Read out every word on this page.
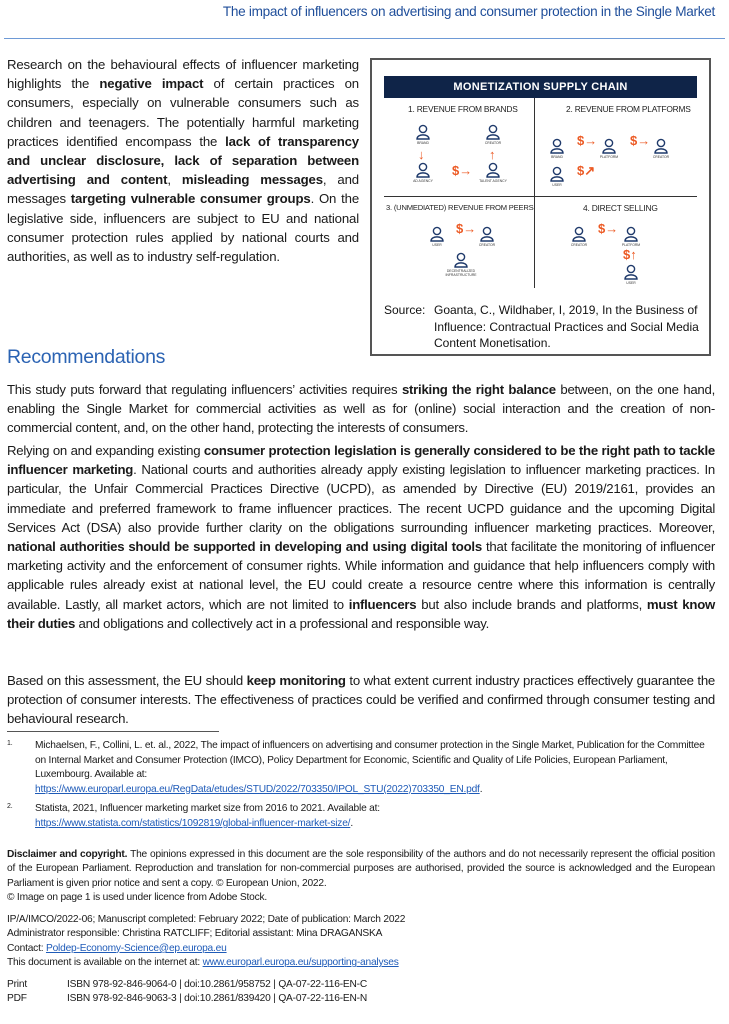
The impact of influencers on advertising and consumer protection in the Single Market
Research on the behavioural effects of influencer marketing highlights the negative impact of certain practices on consumers, especially on vulnerable consumers such as children and teenagers. The potentially harmful marketing practices identified encompass the lack of transparency and unclear disclosure, lack of separation between advertising and content, misleading messages, and messages targeting vulnerable consumer groups. On the legislative side, influencers are subject to EU and national consumer protection rules applied by national courts and authorities, as well as to industry self-regulation.
MONETIZATION SUPPLY CHAIN
1. REVENUE FROM BRANDS
BRAND
↓
AD AGENCY
$→
CREATOR
↑
TALENT AGENCY
2. REVENUE FROM PLATFORMS
BRAND
$→
PLATFORM
$→
CREATOR
USER
$↗
3. (UNMEDIATED) REVENUE FROM PEERS
USER
$→
CREATOR
DECENTRALIZED INFRASTRUCTURE
4. DIRECT SELLING
CREATOR
$→
PLATFORM
$↑
USER
Source: Goanta, C., Wildhaber, I, 2019, In the Business of Influence: Contractual Practices and Social Media Content Monetisation.
Recommendations
This study puts forward that regulating influencers’ activities requires striking the right balance between, on the one hand, enabling the Single Market for commercial activities as well as for (online) social interaction and the creation of non-commercial content, and, on the other hand, protecting the interests of consumers.
Relying on and expanding existing consumer protection legislation is generally considered to be the right path to tackle influencer marketing. National courts and authorities already apply existing legislation to influencer marketing practices. In particular, the Unfair Commercial Practices Directive (UCPD), as amended by Directive (EU) 2019/2161, provides an immediate and preferred framework to frame influencer practices. The recent UCPD guidance and the upcoming Digital Services Act (DSA) also provide further clarity on the obligations surrounding influencer marketing practices. Moreover, national authorities should be supported in developing and using digital tools that facilitate the monitoring of influencer marketing activity and the enforcement of consumer rights. While information and guidance that help influencers comply with applicable rules already exist at national level, the EU could create a resource centre where this information is centrally available. Lastly, all market actors, which are not limited to influencers but also include brands and platforms, must know their duties and obligations and collectively act in a professional and responsible way.
Based on this assessment, the EU should keep monitoring to what extent current industry practices effectively guarantee the protection of consumer interests. The effectiveness of practices could be verified and confirmed through consumer testing and behavioural research.
1. Michaelsen, F., Collini, L. et. al., 2022, The impact of influencers on advertising and consumer protection in the Single Market, Publication for the Committee on Internal Market and Consumer Protection (IMCO), Policy Department for Economic, Scientific and Quality of Life Policies, European Parliament, Luxembourg. Available at:
https://www.europarl.europa.eu/RegData/etudes/STUD/2022/703350/IPOL_STU(2022)703350_EN.pdf.
2. Statista, 2021, Influencer marketing market size from 2016 to 2021. Available at:
https://www.statista.com/statistics/1092819/global-influencer-market-size/.
Disclaimer and copyright. The opinions expressed in this document are the sole responsibility of the authors and do not necessarily represent the official position of the European Parliament. Reproduction and translation for non-commercial purposes are authorised, provided the source is acknowledged and the European Parliament is given prior notice and sent a copy. © European Union, 2022.
© Image on page 1 is used under licence from Adobe Stock.
IP/A/IMCO/2022-06; Manuscript completed: February 2022; Date of publication: March 2022
Administrator responsible: Christina RATCLIFF; Editorial assistant: Mina DRAGANSKA
Contact: Poldep-Economy-Science@ep.europa.eu
This document is available on the internet at: www.europarl.europa.eu/supporting-analyses
Print	ISBN 978-92-846-9064-0 | doi:10.2861/958752 | QA-07-22-116-EN-C
PDF	ISBN 978-92-846-9063-3 | doi:10.2861/839420 | QA-07-22-116-EN-N
